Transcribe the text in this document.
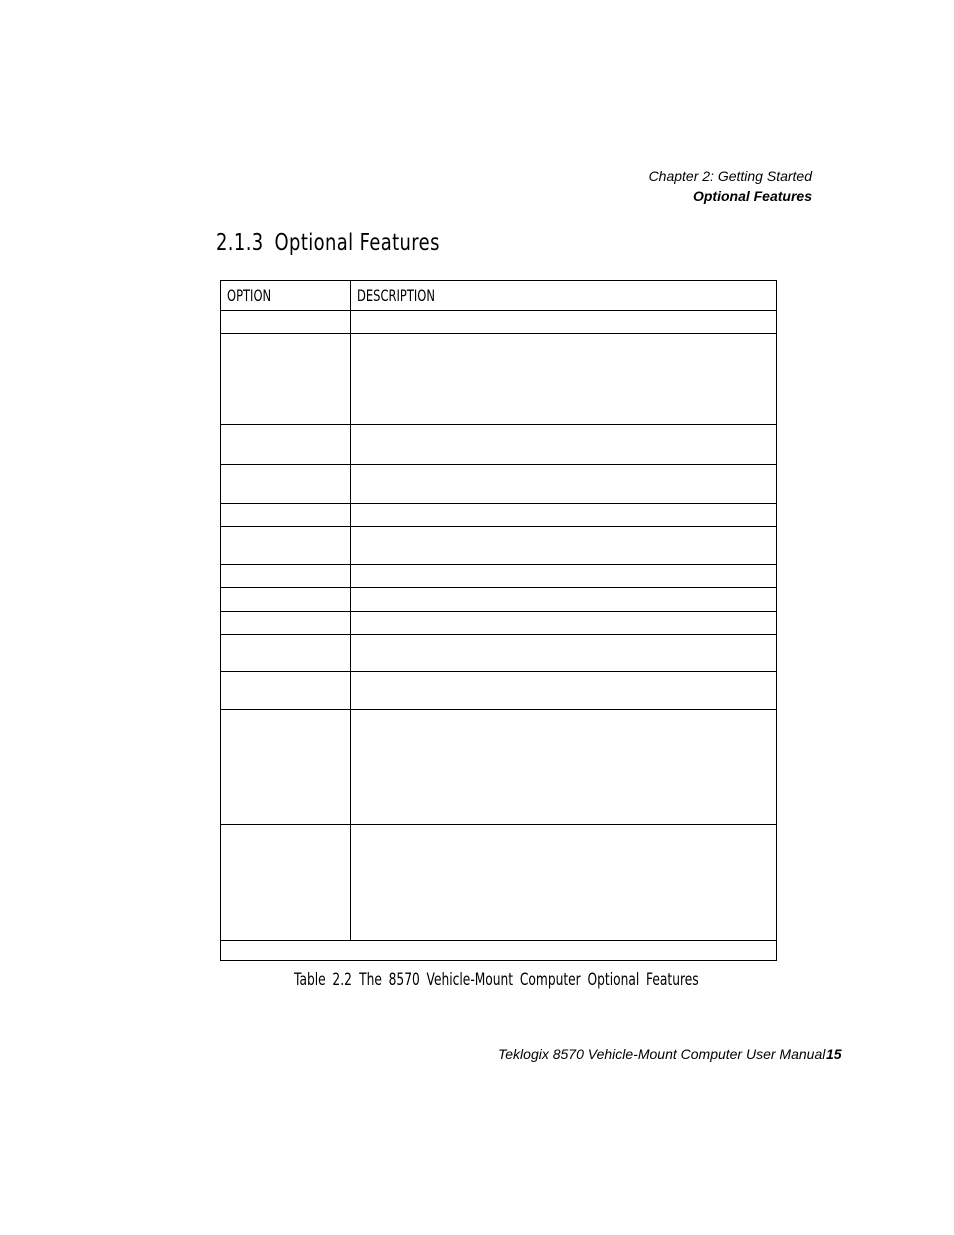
Chapter 2: Getting Started
Optional Features
2.1.3 Optional Features
OPTION	DESCRIPTION

Table 2.2 The 8570 Vehicle-Mount Computer Optional Features
Teklogix 8570 Vehicle-Mount Computer User Manual 15
